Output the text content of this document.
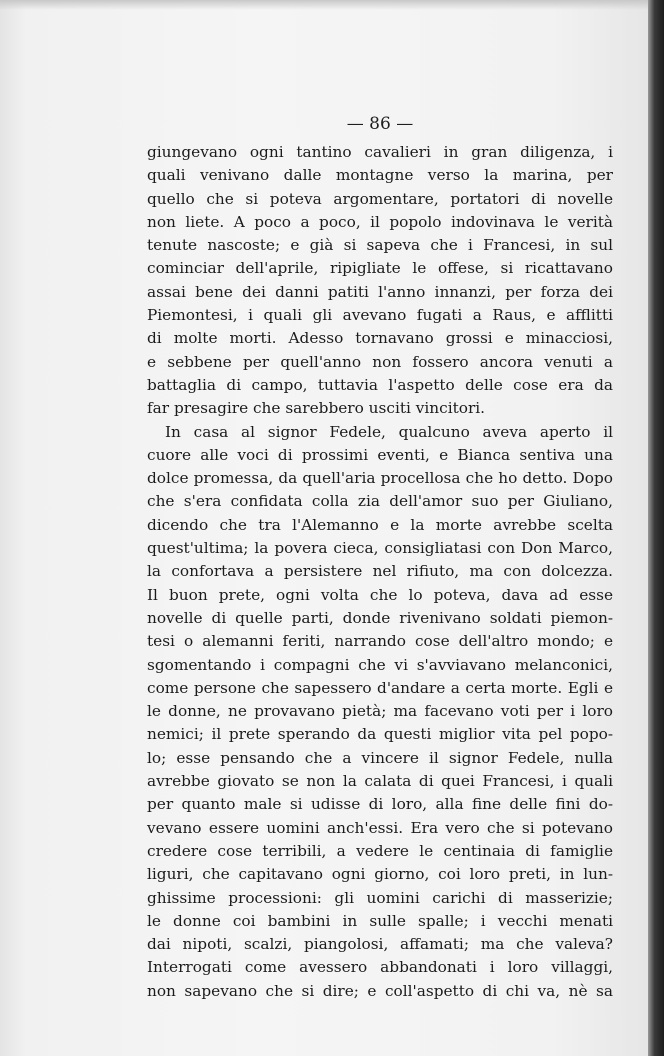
— 86 —

giungevano ogni tantino cavalieri in gran diligenza, i
quali venivano dalle montagne verso la marina, per
quello che si poteva argomentare, portatori di novelle
non liete. A poco a poco, il popolo indovinava le verità
tenute nascoste; e già si sapeva che i Francesi, in sul
cominciar dell'aprile, ripigliate le offese, si ricattavano
assai bene dei danni patiti l'anno innanzi, per forza dei
Piemontesi, i quali gli avevano fugati a Raus, e afflitti
di molte morti. Adesso tornavano grossi e minacciosi,
e sebbene per quell'anno non fossero ancora venuti a
battaglia di campo, tuttavia l'aspetto delle cose era da
far presagire che sarebbero usciti vincitori.
In casa al signor Fedele, qualcuno aveva aperto il
cuore alle voci di prossimi eventi, e Bianca sentiva una
dolce promessa, da quell'aria procellosa che ho detto. Dopo
che s'era confidata colla zia dell'amor suo per Giuliano,
dicendo che tra l'Alemanno e la morte avrebbe scelta
quest'ultima; la povera cieca, consigliatasi con Don Marco,
la confortava a persistere nel rifiuto, ma con dolcezza.
Il buon prete, ogni volta che lo poteva, dava ad esse
novelle di quelle parti, donde rivenivano soldati piemon-
tesi o alemanni feriti, narrando cose dell'altro mondo; e
sgomentando i compagni che vi s'avviavano melanconici,
come persone che sapessero d'andare a certa morte. Egli e
le donne, ne provavano pietà; ma facevano voti per i loro
nemici; il prete sperando da questi miglior vita pel popo-
lo; esse pensando che a vincere il signor Fedele, nulla
avrebbe giovato se non la calata di quei Francesi, i quali
per quanto male si udisse di loro, alla fine delle fini do-
vevano essere uomini anch'essi. Era vero che si potevano
credere cose terribili, a vedere le centinaia di famiglie
liguri, che capitavano ogni giorno, coi loro preti, in lun-
ghissime processioni: gli uomini carichi di masserizie;
le donne coi bambini in sulle spalle; i vecchi menati
dai nipoti, scalzi, piangolosi, affamati; ma che valeva?
Interrogati come avessero abbandonati i loro villaggi,
non sapevano che si dire; e coll'aspetto di chi va, nè sa
